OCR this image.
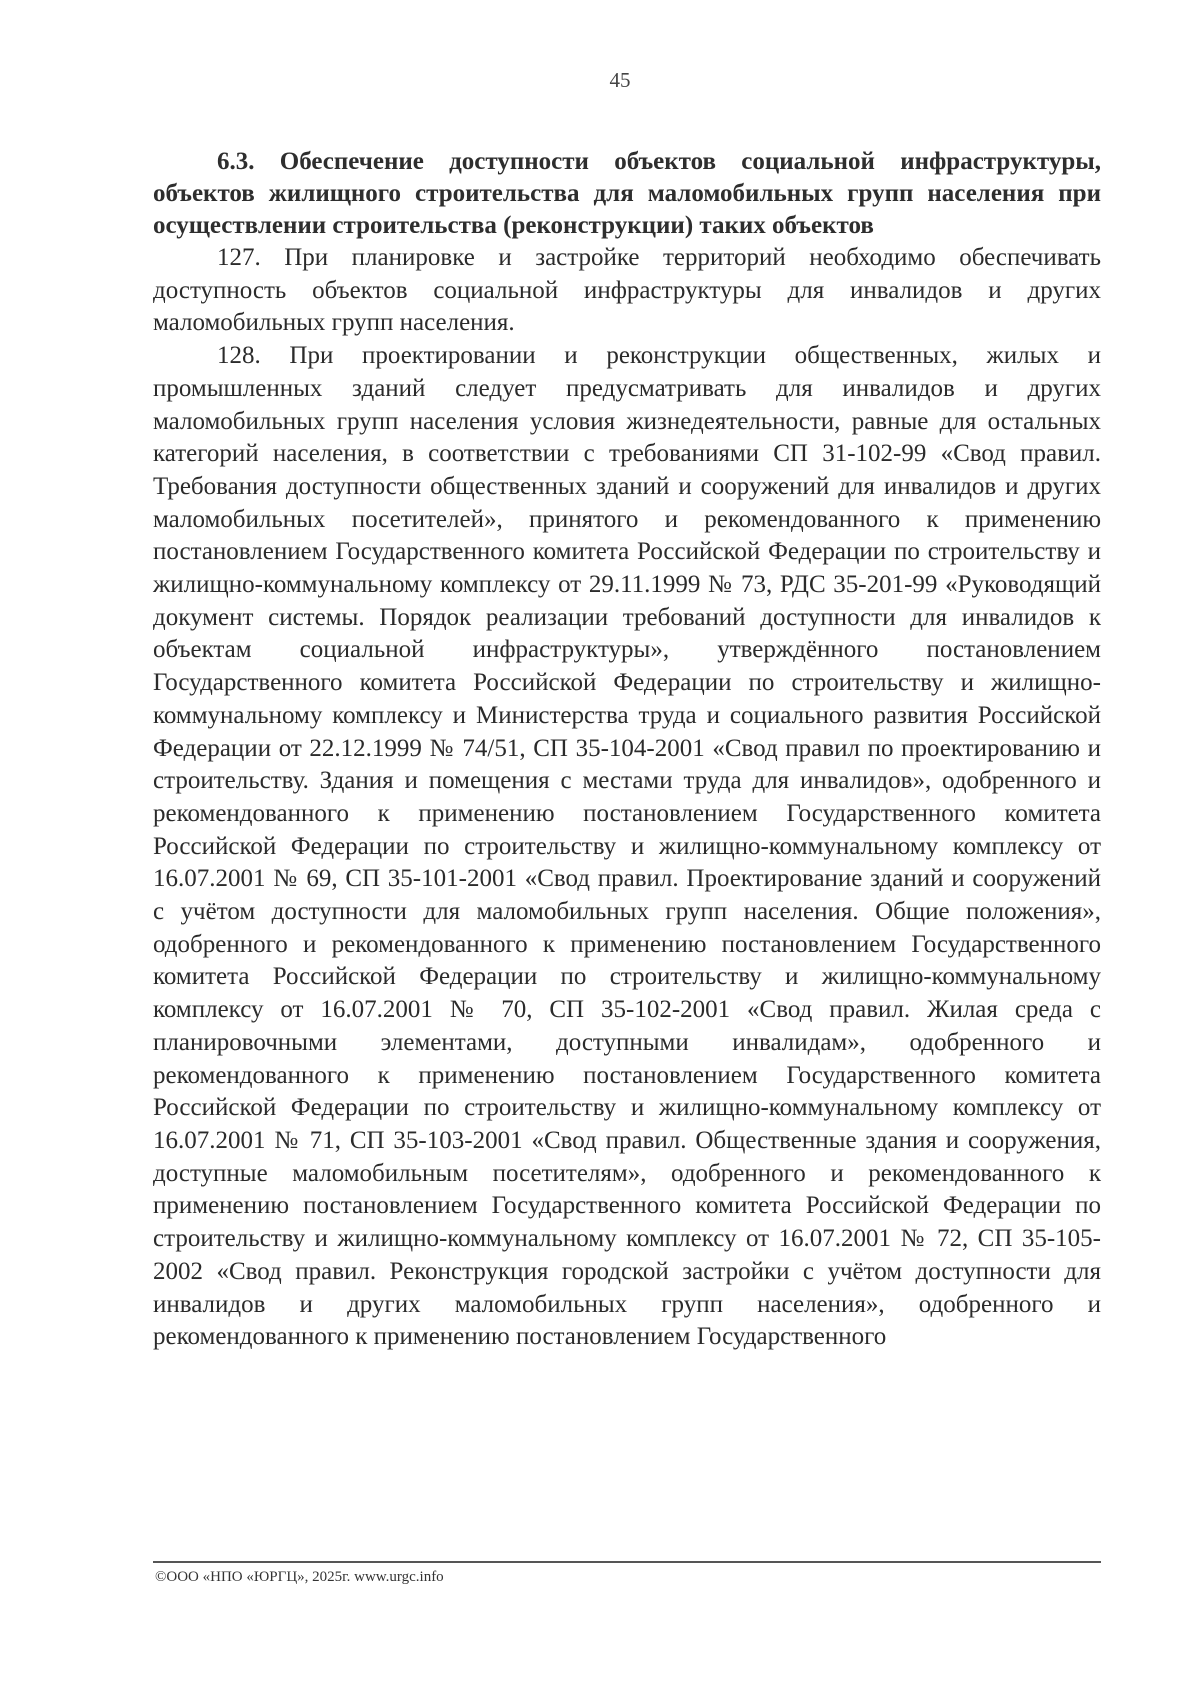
45

6.3. Обеспечение доступности объектов социальной инфраструктуры, объектов жилищного строительства для маломобильных групп населения при осуществлении строительства (реконструкции) таких объектов

127. При планировке и застройке территорий необходимо обеспечивать доступность объектов социальной инфраструктуры для инвалидов и других маломобильных групп населения.

128. При проектировании и реконструкции общественных, жилых и промышленных зданий следует предусматривать для инвалидов и других маломобильных групп населения условия жизнедеятельности, равные для остальных категорий населения, в соответствии с требованиями СП 31-102-99 «Свод правил. Требования доступности общественных зданий и сооружений для инвалидов и других маломобильных посетителей», принятого и рекомендованного к применению постановлением Государственного комитета Российской Федерации по строительству и жилищно-коммунальному комплексу от 29.11.1999 № 73, РДС 35-201-99 «Руководящий документ системы. Порядок реализации требований доступности для инвалидов к объектам социальной инфраструктуры», утверждённого постановлением Государственного комитета Российской Федерации по строительству и жилищно-коммунальному комплексу и Министерства труда и социального развития Российской Федерации от 22.12.1999 № 74/51, СП 35-104-2001 «Свод правил по проектированию и строительству. Здания и помещения с местами труда для инвалидов», одобренного и рекомендованного к применению постановлением Государственного комитета Российской Федерации по строительству и жилищно-коммунальному комплексу от 16.07.2001 № 69, СП 35-101-2001 «Свод правил. Проектирование зданий и сооружений с учётом доступности для маломобильных групп населения. Общие положения», одобренного и рекомендованного к применению постановлением Государственного комитета Российской Федерации по строительству и жилищно-коммунальному комплексу от 16.07.2001 № 70, СП 35-102-2001 «Свод правил. Жилая среда с планировочными элементами, доступными инвалидам», одобренного и рекомендованного к применению постановлением Государственного комитета Российской Федерации по строительству и жилищно-коммунальному комплексу от 16.07.2001 № 71, СП 35-103-2001 «Свод правил. Общественные здания и сооружения, доступные маломобильным посетителям», одобренного и рекомендованного к применению постановлением Государственного комитета Российской Федерации по строительству и жилищно-коммунальному комплексу от 16.07.2001 № 72, СП 35-105-2002 «Свод правил. Реконструкция городской застройки с учётом доступности для инвалидов и других маломобильных групп населения», одобренного и рекомендованного к применению постановлением Государственного

©ООО «НПО «ЮРГЦ», 2025г. www.urgc.info
